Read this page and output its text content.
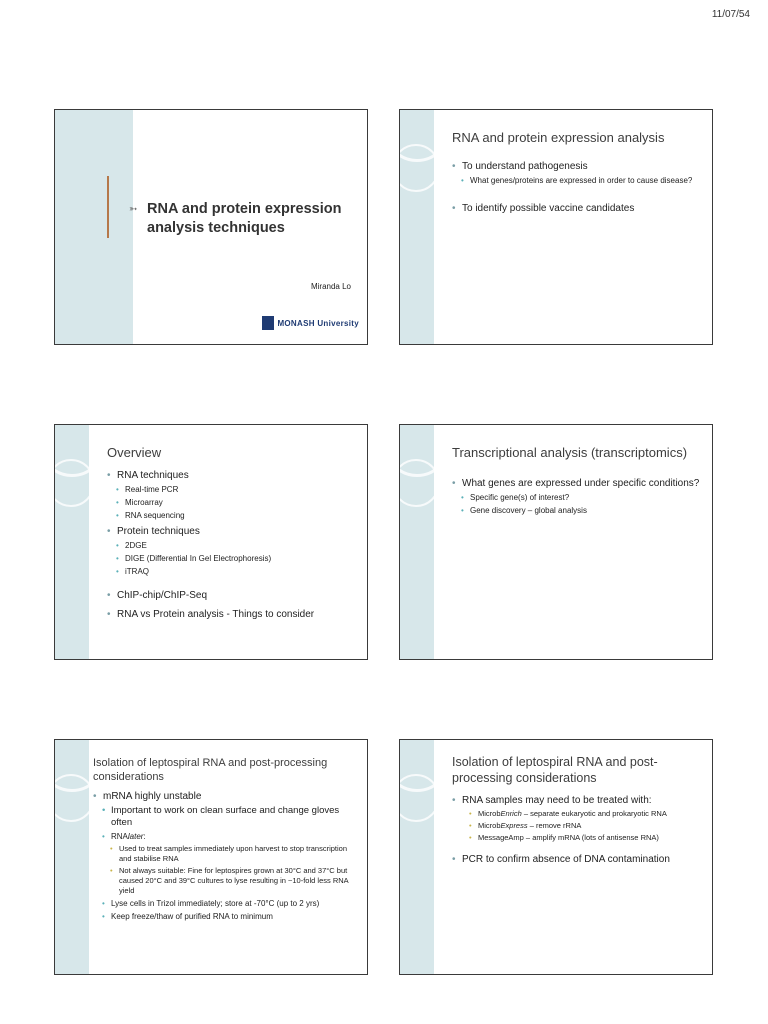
11/07/54
➳ RNA and protein expression
analysis techniques
Miranda Lo
MONASH University
RNA and protein expression analysis
• To understand pathogenesis
• What genes/proteins are expressed in order to cause disease?
• To identify possible vaccine candidates
Overview
• RNA techniques
• Real-time PCR
• Microarray
• RNA sequencing
• Protein techniques
• 2DGE
• DIGE (Differential In Gel Electrophoresis)
• iTRAQ
• ChIP-chip/ChIP-Seq
• RNA vs Protein analysis - Things to consider
Transcriptional analysis (transcriptomics)
• What genes are expressed under specific conditions?
• Specific gene(s) of interest?
• Gene discovery – global analysis
Isolation of leptospiral RNA and post-processing considerations
• mRNA highly unstable
• Important to work on clean surface and change gloves often
• RNAlater:
• Used to treat samples immediately upon harvest to stop transcription and stabilise RNA
• Not always suitable: Fine for leptospires grown at 30°C and 37°C but caused 20°C and 39°C cultures to lyse resulting in ~10-fold less RNA yield
• Lyse cells in Trizol immediately; store at -70°C (up to 2 yrs)
• Keep freeze/thaw of purified RNA to minimum
Isolation of leptospiral RNA and post-processing considerations
• RNA samples may need to be treated with:
• MicrobEnrich – separate eukaryotic and prokaryotic RNA
• MicrobExpress – remove rRNA
• MessageAmp – amplify mRNA (lots of antisense RNA)
• PCR to confirm absence of DNA contamination
